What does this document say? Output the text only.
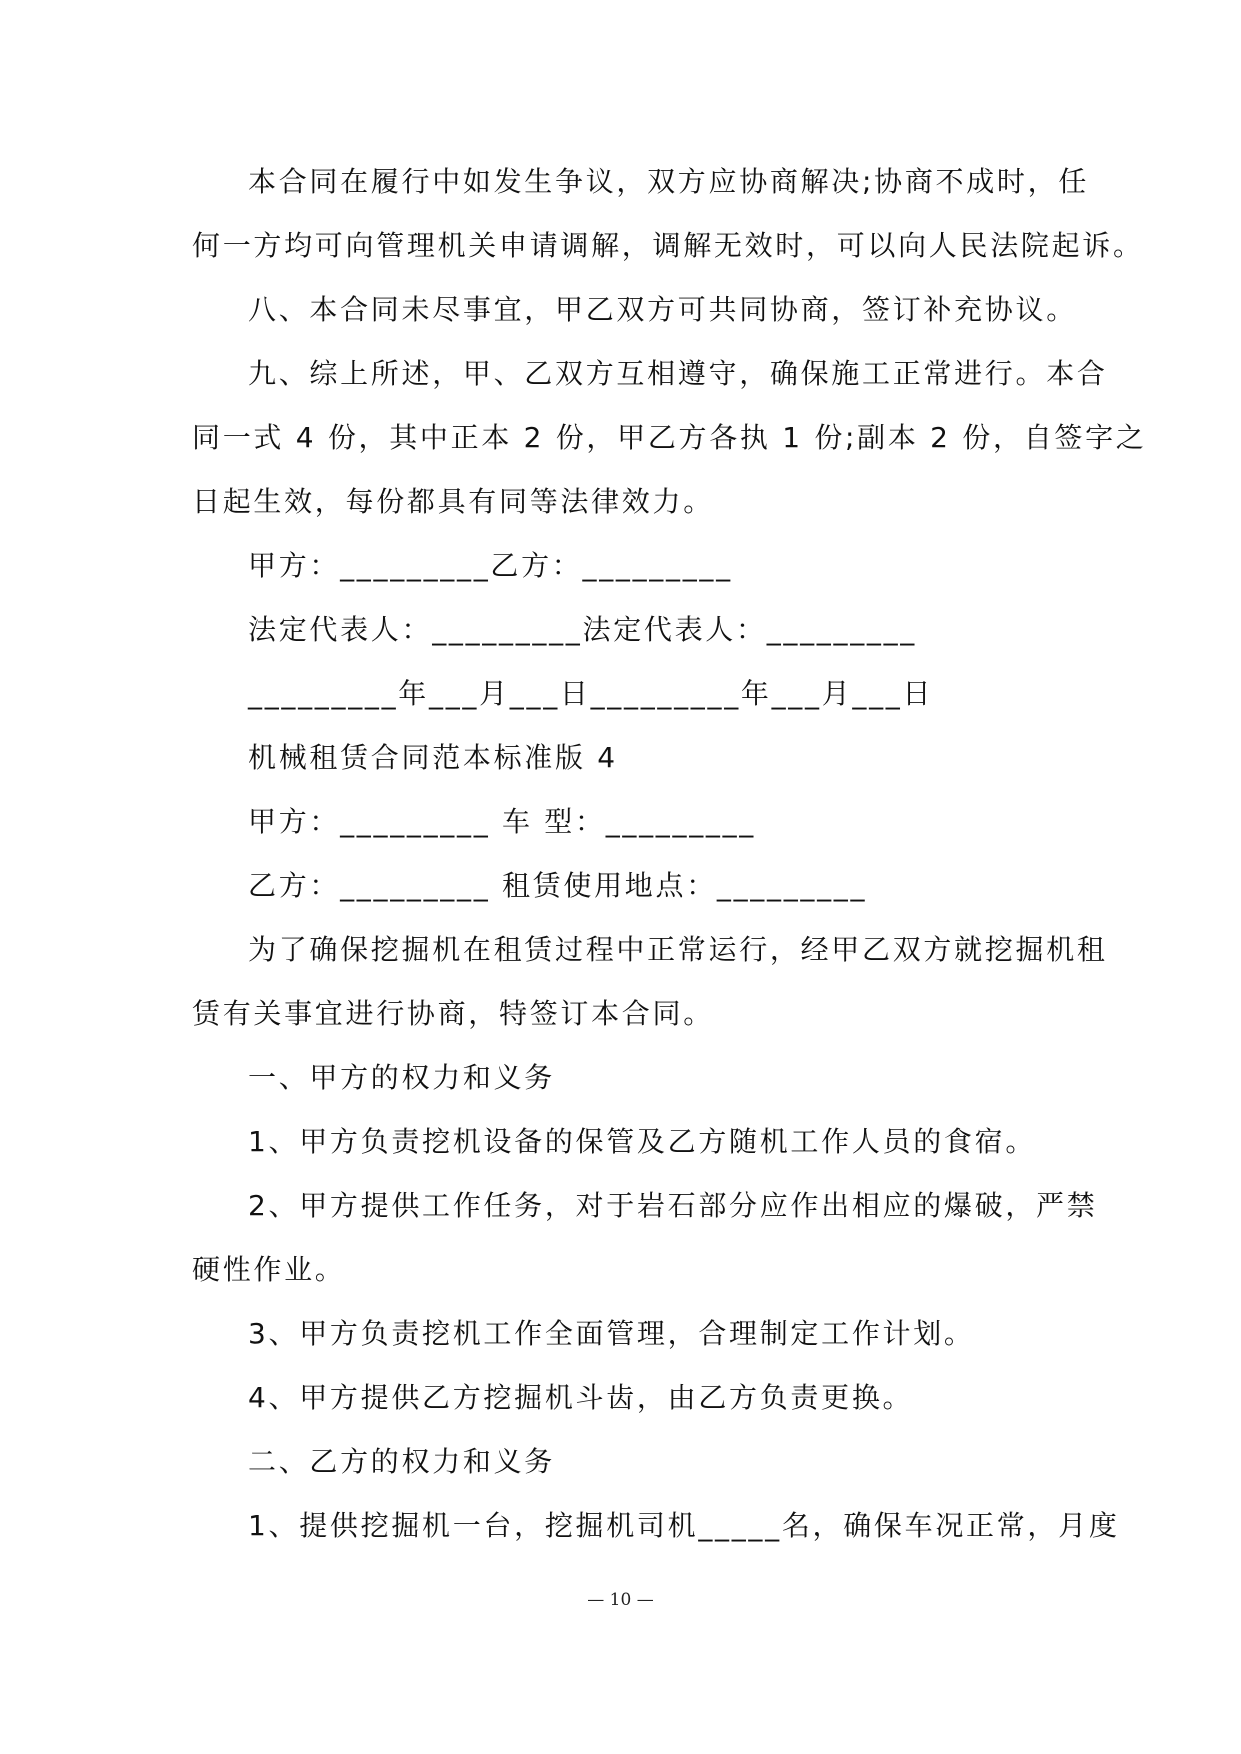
本合同在履行中如发生争议，双方应协商解决;协商不成时，任
何一方均可向管理机关申请调解，调解无效时，可以向人民法院起诉。
八、本合同未尽事宜，甲乙双方可共同协商，签订补充协议。
九、综上所述，甲、乙双方互相遵守，确保施工正常进行。本合
同一式 4 份，其中正本 2 份，甲乙方各执 1 份;副本 2 份，自签字之
日起生效，每份都具有同等法律效力。
甲方：_________乙方：_________
法定代表人：_________法定代表人：_________
_________年___月___日_________年___月___日
机械租赁合同范本标准版 4
甲方：_________ 车 型：_________
乙方：_________ 租赁使用地点：_________
为了确保挖掘机在租赁过程中正常运行，经甲乙双方就挖掘机租
赁有关事宜进行协商，特签订本合同。
一、甲方的权力和义务
1、甲方负责挖机设备的保管及乙方随机工作人员的食宿。
2、甲方提供工作任务，对于岩石部分应作出相应的爆破，严禁
硬性作业。
3、甲方负责挖机工作全面管理，合理制定工作计划。
4、甲方提供乙方挖掘机斗齿，由乙方负责更换。
二、乙方的权力和义务
1、提供挖掘机一台，挖掘机司机_____名，确保车况正常，月度
— 10 —
